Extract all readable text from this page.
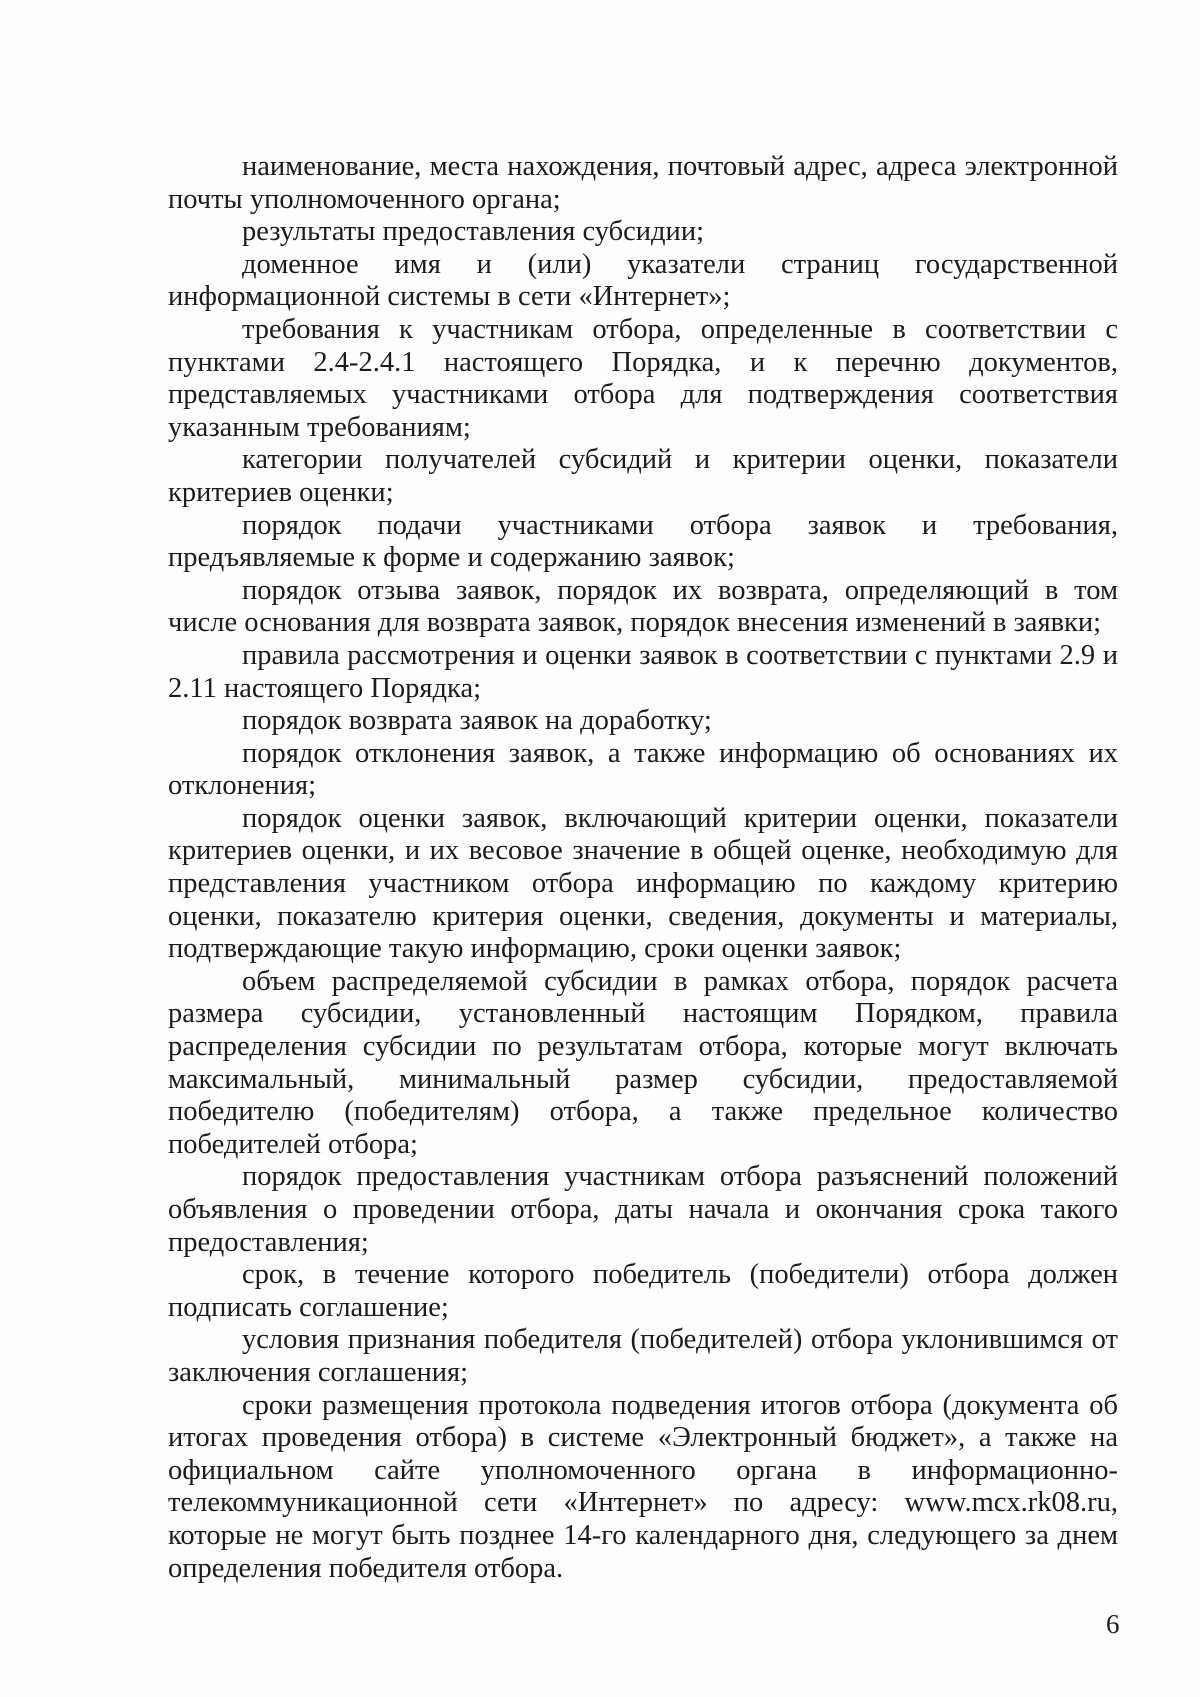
наименование, места нахождения, почтовый адрес, адреса электронной почты уполномоченного органа;

результаты предоставления субсидии;

доменное имя и (или) указатели страниц государственной информационной системы в сети «Интернет»;

требования к участникам отбора, определенные в соответствии с пунктами 2.4-2.4.1 настоящего Порядка, и к перечню документов, представляемых участниками отбора для подтверждения соответствия указанным требованиям;

категории получателей субсидий и критерии оценки, показатели критериев оценки;

порядок подачи участниками отбора заявок и требования, предъявляемые к форме и содержанию заявок;

порядок отзыва заявок, порядок их возврата, определяющий в том числе основания для возврата заявок, порядок внесения изменений в заявки;

правила рассмотрения и оценки заявок в соответствии с пунктами 2.9 и 2.11 настоящего Порядка;

порядок возврата заявок на доработку;

порядок отклонения заявок, а также информацию об основаниях их отклонения;

порядок оценки заявок, включающий критерии оценки, показатели критериев оценки, и их весовое значение в общей оценке, необходимую для представления участником отбора информацию по каждому критерию оценки, показателю критерия оценки, сведения, документы и материалы, подтверждающие такую информацию, сроки оценки заявок;

объем распределяемой субсидии в рамках отбора, порядок расчета размера субсидии, установленный настоящим Порядком, правила распределения субсидии по результатам отбора, которые могут включать максимальный, минимальный размер субсидии, предоставляемой победителю (победителям) отбора, а также предельное количество победителей отбора;

порядок предоставления участникам отбора разъяснений положений объявления о проведении отбора, даты начала и окончания срока такого предоставления;

срок, в течение которого победитель (победители) отбора должен подписать соглашение;

условия признания победителя (победителей) отбора уклонившимся от заключения соглашения;

сроки размещения протокола подведения итогов отбора (документа об итогах проведения отбора) в системе «Электронный бюджет», а также на официальном сайте уполномоченного органа в информационно-телекоммуникационной сети «Интернет» по адресу: www.mcx.rk08.ru, которые не могут быть позднее 14-го календарного дня, следующего за днем определения победителя отбора.

6
